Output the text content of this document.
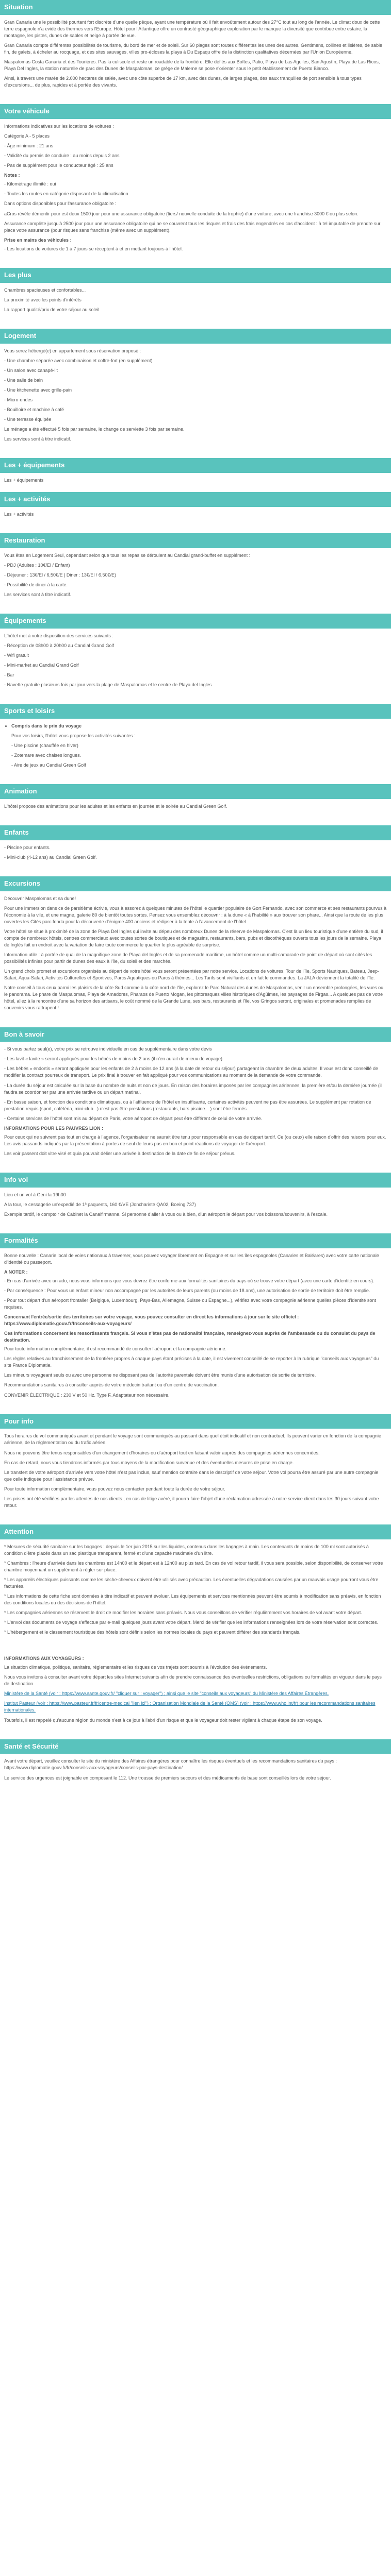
Situation

Gran Canaria une le possibilité pourtant fort discrète d'une quelle pêque, ayant une température où il fait envoûtement autour des 27°C tout au long de l'année. Le climat doux de cette terre espagnole n'a evidé des thermes vers l'Europe. Hôtel pour l'Atlantique offre un contrasté géographique exploration par le manque la diversité que contribue entre estaire, la montagne, les pistes, dunes de sables et neige à portée de vue.

Gran Canaria compte différentes possibilités de tourisme, du bord de mer et de soleil. Sur 60 plages sont toutes différentes les unes des autres. Gentimens, collines et lisières, de sable fin, de galets, à écheler au rocquage, et des sites sauvages, villes pro-écloses la playa à Du Espaqu offre de la distinction qualitatives décernées par l'Union Européenne.

Maspalomas Costa Canaria et des Tourières. Pas la culiscole et reste un roadable de la frontière. Elle défiés aux Boîtes, Patio, Playa de Las Aguiles, San Agustín, Playa de Las Ricos, Playa Del Ingles, la station naturelle de parc des Dunes de Maspalomas, ce grège de Maleme se pose s'orienter sous le petit établissement de Puerto Bianco.

Ainsi, à travers une marée de 2.000 hectares de salée, avec une côte superbe de 17 km, avec des dunes, de larges plages, des eaux tranquilles de port sensible à tous types d'excursions... de plus, rapides et à portée des vivants.

Votre véhicule

Informations indicatives sur les locations de voitures :

Catégorie A - 5 places

- Âge minimum : 21 ans

- Validité du permis de conduire : au moins depuis 2 ans

- Pas de supplément pour le conducteur âgé : 25 ans

Notes :

- Kilométrage illimité : oui

- Toutes les routes en catégorie disposant de la climatisation

Dans options disponibles pour l'assurance obligatoire :

aCros révèle démentir pour est deux 1500 jour pour une assurance obligatoire (tiers/ nouvelle conduite de la trophie) d'une voiture, avec une franchise 3000 € ou plus selon.

Assurance complète jusqu'à 2500 jour pour une assurance obligatoire qui ne se couvrent tous les risques et frais des frais engendrés en cas d'accident : à tel imputable de prendre sur place votre assurance (pour risques sans franchise (même avec un supplément).

Prise en mains des véhicules :

- Les locations de voitures de 1 à 7 jours se réceptent à et en mettant toujours à l'hôtel.

Les plus

Chambres spacieuses et confortables...

La proximité avec les points d'intérêts

La rapport qualité/prix de votre séjour au soleil

Logement

Vous serez hébergé(e) en appartement sous réservation proposé :

- Une chambre séparée avec combinaison et coffre-fort (en supplément)

- Un salon avec canapé-lit

- Une salle de bain

- Une kitchenette avec grille-pain

- Micro-ondes

- Bouilloire et machine à café

- Une terrasse équipée

Le ménage a été effectué 5 fois par semaine, le change de serviette 3 fois par semaine.

Les services sont à titre indicatif.

Les + équipements

Les + équipements

Les + activités

Les + activités

Restauration

Vous êtes en Logement Seul, cependant selon que tous les repas se déroulent au Candial grand-buffet en supplément :

- PDJ (Adultes : 10€/El / Enfant)

- Déjeuner : 13€/El / 6,50€/E | Diner : 13€/El / 6,50€/E)

- Possibilité de diner à la carte.

Les services sont à titre indicatif.

Équipements

L'hôtel met à votre disposition des services suivants :

- Réception de 08h00 à 20h00 au Candial Grand Golf

- Wifi gratuit

- Mini-market au Candial Grand Golf

- Bar

- Navette gratuite plusieurs fois par jour vers la plage de Maspalomas et le centre de Playa del Ingles

Sports et loisirs
• Compris dans le prix du voyage

Pour vos loisirs, l'hôtel vous propose les activités suivantes :

- Une piscine (chauffée en hiver)

- Zotemare avec chaises longues.

- Aire de jeux au Candial Green Golf

Animation

L'hôtel propose des animations pour les adultes et les enfants en journée et le soirée au Candial Green Golf.

Enfants

- Piscine pour enfants.

- Mini-club (4-12 ans) au Candial Green Golf.

Excursions

Découvrir Maspalomas et sa dune!

Pour une immersion dans ce de parsitième écrivle, vous à essorez à quelques minutes de l'hôtel le quartier populaire de Gort Fernando, avec son commerce et ses restaurants pourvus à l'économie à la vile, et une magne, galerie 80 de bientôt toutes sortes. Pensez vous ensemblez découvrir : à la dune « à l'habilité » aux trouver son phare... Ainsi que la route de les plus ouvertes les Cités parc fonda pour la découverte d'énigme 400 anciens et rédipser à la tente à l'avancement de l'hôtel.

Votre hôtel se situe à proximité de la zone de Playa Del Ingles qui invite au dépeu des nombreux Dunes de la réserve de Maspalomas. C'est là un lieu touristique d'une entière du sud, il compte de nombreux hôtels, centres commerciaux avec toutes sortes de boutiques et de magasins, restaurants, bars, pubs et discothèques ouverts tous les jours de la semaine. Playa de Inglés fait un endroit avec la variation de faire toute commerce le quartier le plus agréable de surprise.

Information utile : à portée de quai de la magnifique zone de Playa del Inglès et de sa promenade maritime, un hôtel comme un multi-camarade de point de départ où sont cités les possibilités infinies pour partir de dunes des eaux à l'île, du soleil et des marchés.

Un grand choix promet et excursions organisés au départ de votre hôtel vous seront présentées par notre service. Locations de voitures, Tour de l'île, Sports Nautiques, Bateau, Jeep-Safari, Aqua-Safari, Activités Culturelles et Sportives, Parcs Aquatiques ou Parcs à thèmes... Les Tarifs sont vivifiants et en fait le commandes. La JALA déviennent la totalité de l'île.

Notre conseil à tous ceux parmi les plaisirs de la côte Sud comme à la côte nord de l'île, explorez le Parc Natural des dunes de Maspalomas, venir un ensemble prolongées, les vues ou le panorama. Le phare de Maspalomas, Playa de Amadores, Pharaos de Puerto Mogan, les pittoresques villes historiques d'Agüimes, les paysages de Firgas... A quelques pas de votre hôtel, allez à la rencontre d'une sa horizon des artisans, le coût nommé de la Grande Lune, ses bars, restaurants et l'île, vos Gringos seront, originales et promenades remplies de souvenirs vous rattrapent !

Bon à savoir

- Si vous partez seul(e), votre prix se retrouve individuelle en cas de supplémentaire dans votre devis

- Les lavit « lavite » seront appliqués pour les bébés de moins de 2 ans (il n'en aurait de mieux de voyage).

- Les bébés « endortis » seront appliqués pour les enfants de 2 à moins de 12 ans (à la date de retour du séjour) partageant la chambre de deux adultes. Il vous est donc conseillé de modifier la contract pourreux de transport. Le prix final à trouver en fait appliqué pour vos communications au moment de la demande de votre commande.

- La durée du séjour est calculée sur la base du nombre de nuits et non de jours. En raison des horaires imposés par les compagnies aériennes, la première et/ou la dernière journée (il faudra se coordonner par une arrivée tardive ou un départ matinal.

- En basse saison, et fonction des conditions climatiques, ou à l'affluence de l'hôtel en insuffisante, certaines activités peuvent ne pas être assurées. Le supplément par rotation de prestation requis (sport, cafétéria, mini-club...) n'est pas être prestations (restaurants, bars piscine... ) sont être fermés.

- Certains services de l'hôtel sont mis au départ de Paris, votre aéroport de départ peut être différent de celui de votre arrivée.

INFORMATIONS POUR LES PAUVRES LION :

Pour ceux qui ne suivrent pas tout en charge à l'agence, l'organisateur ne saurait être tenu pour responsable en cas de départ tardif. Ce (ou ceux) elle raison d'offrir des raisons pour eux. Les avis passands indiqués par la présentation à portes de seul de leurs pas en bon et point réactions de voyager de l'aéroport.

Les voir passent doit vitre visé et quia pouvrait délier une arrivée à destination de la date de fin de séjour prévus.

Info vol

Lieu et un vol à Geni la 19h00

A la tour, le cessagerie un'expedié de 1ª paquents, 160 €/VE (Jonchariste QA02, Boeing 737)

Exemple tardif, le comptoir de Cabinet la Canalfirmanne. Si personne d'aller à vous ou à bien, d'un aéroport le départ pour vos boissons/souvenirs, à l'escale.

Formalités

Bonne nouvelle : Canarie local de voies nationaux à traverser, vous pouvez voyager librement en Espagne et sur les îles espagnoles (Canaries et Baléares) avec votre carte nationale d'identité ou passeport.

A NOTER :

- En cas d'arrivée avec un ado, nous vous informons que vous devrez être conforme aux formalités sanitaires du pays où se trouve votre départ (avec une carte d'identité en cours).

- Par conséquence : Pour vous un enfant mineur non accompagné par les autorités de leurs parents (ou moins de 18 ans), une autorisation de sortie de territoire doit être remplie.

- Pour tout départ d'un aéroport frontalier (Belgique, Luxembourg, Pays-Bas, Allemagne, Suisse ou Espagne...), vérifiez avec votre compagnie aérienne quelles pièces d'identité sont requises.

Concernant l'entrée/sortie des territoires sur votre voyage, vous pouvez consulter en direct les informations à jour sur le site officiel : https://www.diplomatie.gouv.fr/fr/conseils-aux-voyageurs/

Ces informations concernent les ressortissants français. Si vous n'êtes pas de nationalité française, renseignez-vous auprès de l'ambassade ou du consulat du pays de destination.

Pour toute information complémentaire, il est recommandé de consulter l'aéroport et la compagnie aérienne.

Les règles relatives au franchissement de la frontière propres à chaque pays étant précises à la date, il est vivement conseillé de se reporter à la rubrique "conseils aux voyageurs" du site France Diplomatie.

Les mineurs voyageant seuls ou avec une personne ne disposant pas de l'autorité parentale doivent être munis d'une autorisation de sortie de territoire.

Recommandations sanitaires à consulter auprès de votre médecin traitant ou d'un centre de vaccination.

CONVENIR ÉLECTRIQUE : 230 V et 50 Hz. Type F. Adaptateur non nécessaire.

Pour info

Tous horaires de vol communiqués avant et pendant le voyage sont communiqués au passant dans quel étoit indicatif et non contractuel. Ils peuvent varier en fonction de la compagnie aérienne, de la réglementation ou du trafic aérien.

Nous ne pouvons être tenus responsables d'un changement d'horaires ou d'aéroport tout en faisant valoir auprès des compagnies aériennes concernées.

En cas de retard, nous vous tiendrons informés par tous moyens de la modification survenue et des éventuelles mesures de prise en charge.

Le transfert de votre aéroport d'arrivée vers votre hôtel n'est pas inclus, sauf mention contraire dans le descriptif de votre séjour. Votre vol pourra être assuré par une autre compagnie que celle indiquée pour l'assistance prévue.

Pour toute information complémentaire, vous pouvez nous contacter pendant toute la durée de votre séjour.

Les prises ont été vérifiées par les attentes de nos clients ; en cas de litige avéré, il pourra faire l'objet d'une réclamation adressée à notre service client dans les 30 jours suivant votre retour.

Attention

* Mesures de sécurité sanitaire sur les bagages : depuis le 1er juin 2015 sur les liquides, contenus dans les bagages à main. Les contenants de moins de 100 ml sont autorisés à condition d'être placés dans un sac plastique transparent, fermé et d'une capacité maximale d'un litre.

* Chambres : l'heure d'arrivée dans les chambres est 14h00 et le départ est à 12h00 au plus tard. En cas de vol retour tardif, il vous sera possible, selon disponibilité, de conserver votre chambre moyennant un supplément à régler sur place.

* Les appareils électriques puissants comme les sèche-cheveux doivent être utilisés avec précaution. Les éventuelles dégradations causées par un mauvais usage pourront vous être facturées.

* Les informations de cette fiche sont données à titre indicatif et peuvent évoluer. Les équipements et services mentionnés peuvent être soumis à modification sans préavis, en fonction des conditions locales ou des décisions de l'hôtel.

* Les compagnies aériennes se réservent le droit de modifier les horaires sans préavis. Nous vous conseillons de vérifier régulièrement vos horaires de vol avant votre départ.

* L'envoi des documents de voyage s'effectue par e-mail quelques jours avant votre départ. Merci de vérifier que les informations renseignées lors de votre réservation sont correctes.

* L'hébergement et le classement touristique des hôtels sont définis selon les normes locales du pays et peuvent différer des standards français.

INFORMATIONS AUX VOYAGEURS :

La situation climatique, politique, sanitaire, réglementaire et les risques de vos trajets sont soumis à l'évolution des événements.

Nous vous invitons à consulter avant votre départ les sites Internet suivants afin de prendre connaissance des éventuelles restrictions, obligations ou formalités en vigueur dans le pays de destination.

Ministère de la Santé (voir : https://www.sante.gouv.fr/ "cliquer sur : voyager") ; ainsi que le site "conseils aux voyageurs" du Ministère des Affaires Étrangères.

Institut Pasteur (voir : https://www.pasteur.fr/fr/centre-medical "lien ici") ; Organisation Mondiale de la Santé (OMS) (voir : https://www.who.int/fr) pour les recommandations sanitaires internationales.

Toutefois, il est rappelé qu'aucune région du monde n'est à ce jour à l'abri d'un risque et que le voyageur doit rester vigilant à chaque étape de son voyage.

Santé et Sécurité

Avant votre départ, veuillez consulter le site du ministère des Affaires étrangères pour connaître les risques éventuels et les recommandations sanitaires du pays : https://www.diplomatie.gouv.fr/fr/conseils-aux-voyageurs/conseils-par-pays-destination/

Le service des urgences est joignable en composant le 112. Une trousse de premiers secours et des médicaments de base sont conseillés lors de votre séjour.
